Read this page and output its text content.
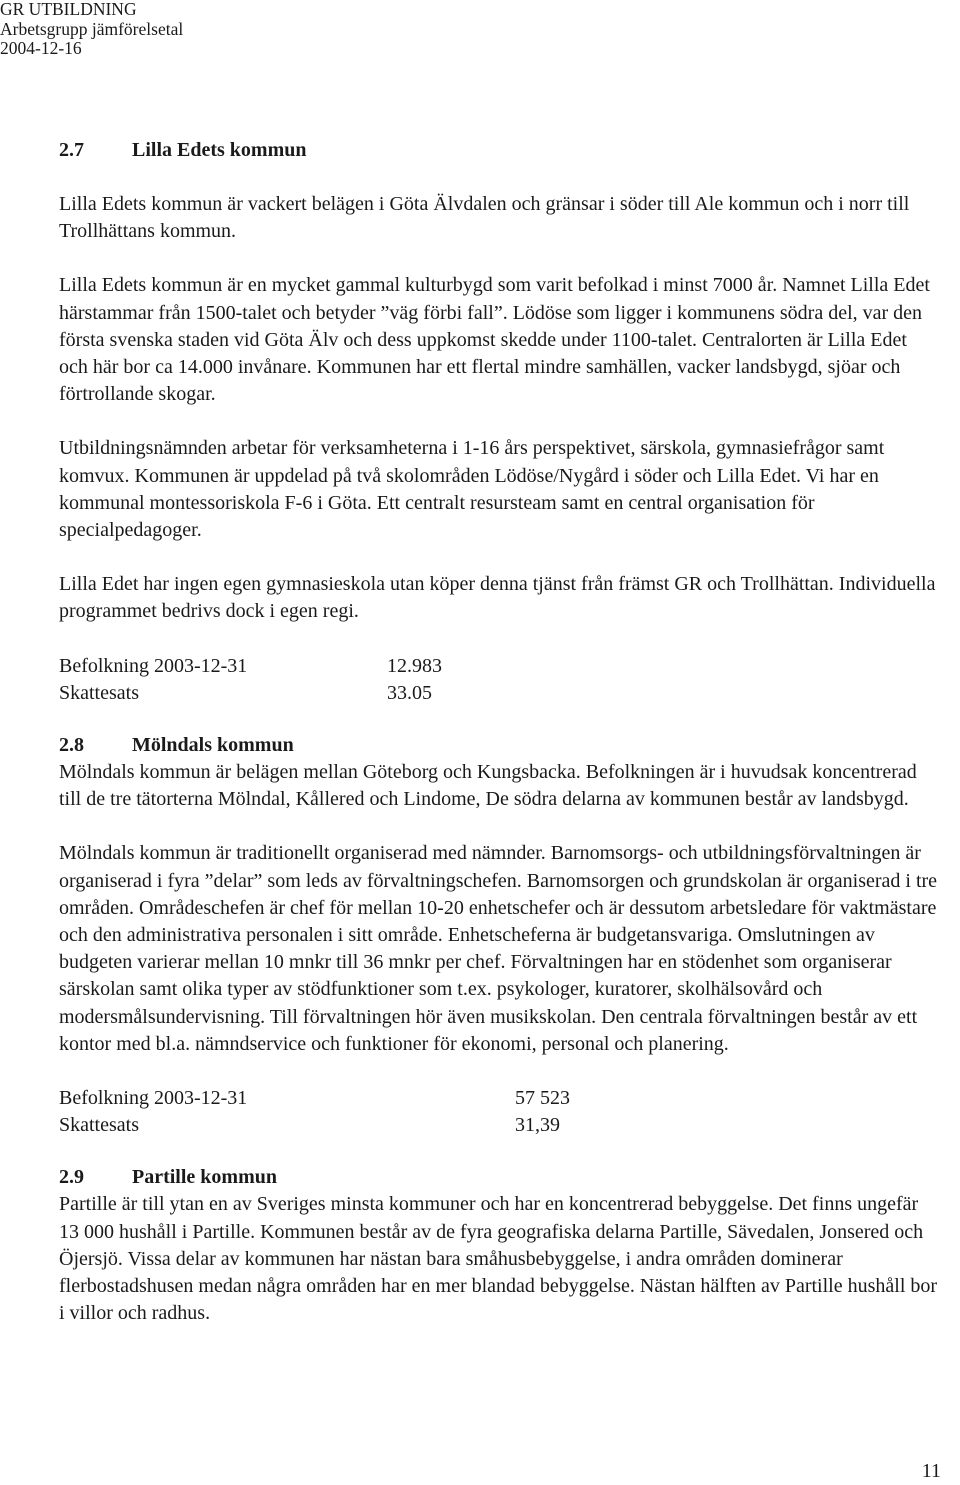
GR UTBILDNING
Arbetsgrupp jämförelsetal
2004-12-16
2.7 Lilla Edets kommun

Lilla Edets kommun är vackert belägen i Göta Älvdalen och gränsar i söder till Ale kommun och i norr till Trollhättans kommun.

Lilla Edets kommun är en mycket gammal kulturbygd som varit befolkad i minst 7000 år. Namnet Lilla Edet härstammar från 1500-talet och betyder ”väg förbi fall”. Lödöse som ligger i kommunens södra del, var den första svenska staden vid Göta Älv och dess uppkomst skedde under 1100-talet. Centralorten är Lilla Edet och här bor ca 14.000 invånare. Kommunen har ett flertal mindre samhällen, vacker landsbygd, sjöar och förtrollande skogar.

Utbildningsnämnden arbetar för verksamheterna i 1-16 års perspektivet, särskola, gymnasiefrågor samt komvux. Kommunen är uppdelad på två skolområden Lödöse/Nygård i söder och Lilla Edet. Vi har en kommunal montessoriskola F-6 i Göta. Ett centralt resursteam samt en central organisation för specialpedagoger.

Lilla Edet har ingen egen gymnasieskola utan köper denna tjänst från främst GR och Trollhättan. Individuella programmet bedrivs dock i egen regi.

Befolkning 2003-12-31	12.983
Skattesats	33.05
2.8 Mölndals kommun

Mölndals kommun är belägen mellan Göteborg och Kungsbacka. Befolkningen är i huvudsak koncentrerad till de tre tätorterna Mölndal, Kållered och Lindome, De södra delarna av kommunen består av landsbygd.

Mölndals kommun är traditionellt organiserad med nämnder. Barnomsorgs- och utbildningsförvaltningen är organiserad i fyra ”delar” som leds av förvaltningschefen. Barnomsorgen och grundskolan är organiserad i tre områden. Områdeschefen är chef för mellan 10-20 enhetschefer och är dessutom arbetsledare för vaktmästare och den administrativa personalen i sitt område. Enhetscheferna är budgetansvariga. Omslutningen av budgeten varierar mellan 10 mnkr till 36 mnkr per chef. Förvaltningen har en stödenhet som organiserar särskolan samt olika typer av stödfunktioner som t.ex. psykologer, kuratorer, skolhälsovård och modersmålsundervisning. Till förvaltningen hör även musikskolan. Den centrala förvaltningen består av ett kontor med bl.a. nämndservice och funktioner för ekonomi, personal och planering.

Befolkning 2003-12-31	57 523
Skattesats	31,39
2.9 Partille kommun

Partille är till ytan en av Sveriges minsta kommuner och har en koncentrerad bebyggelse. Det finns ungefär 13 000 hushåll i Partille. Kommunen består av de fyra geografiska delarna Partille, Sävedalen, Jonsered och Öjersjö. Vissa delar av kommunen har nästan bara småhusbebyggelse, i andra områden dominerar flerbostadshusen medan några områden har en mer blandad bebyggelse. Nästan hälften av Partille hushåll bor i villor och radhus.

11
